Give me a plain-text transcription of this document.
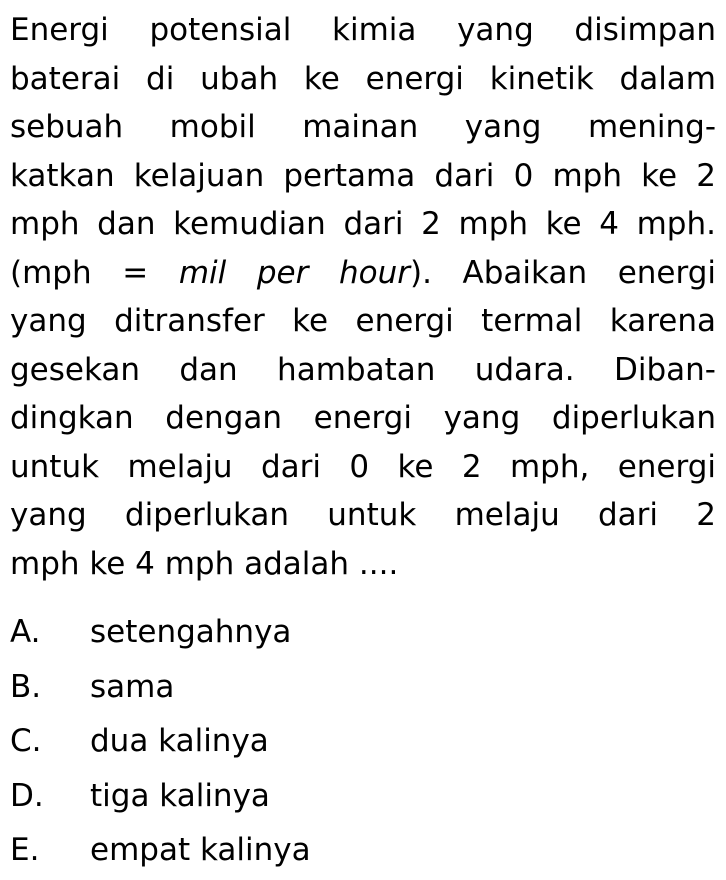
Energi potensial kimia yang disimpan
baterai di ubah ke energi kinetik dalam
sebuah mobil mainan yang mening-
katkan kelajuan pertama dari 0 mph ke 2
mph dan kemudian dari 2 mph ke 4 mph.
(mph = mil per hour). Abaikan energi
yang ditransfer ke energi termal karena
gesekan dan hambatan udara. Diban-
dingkan dengan energi yang diperlukan
untuk melaju dari 0 ke 2 mph, energi
yang diperlukan untuk melaju dari 2
mph ke 4 mph adalah ....
A.	setengahnya
B.	sama
C.	dua kalinya
D.	tiga kalinya
E.	empat kalinya
